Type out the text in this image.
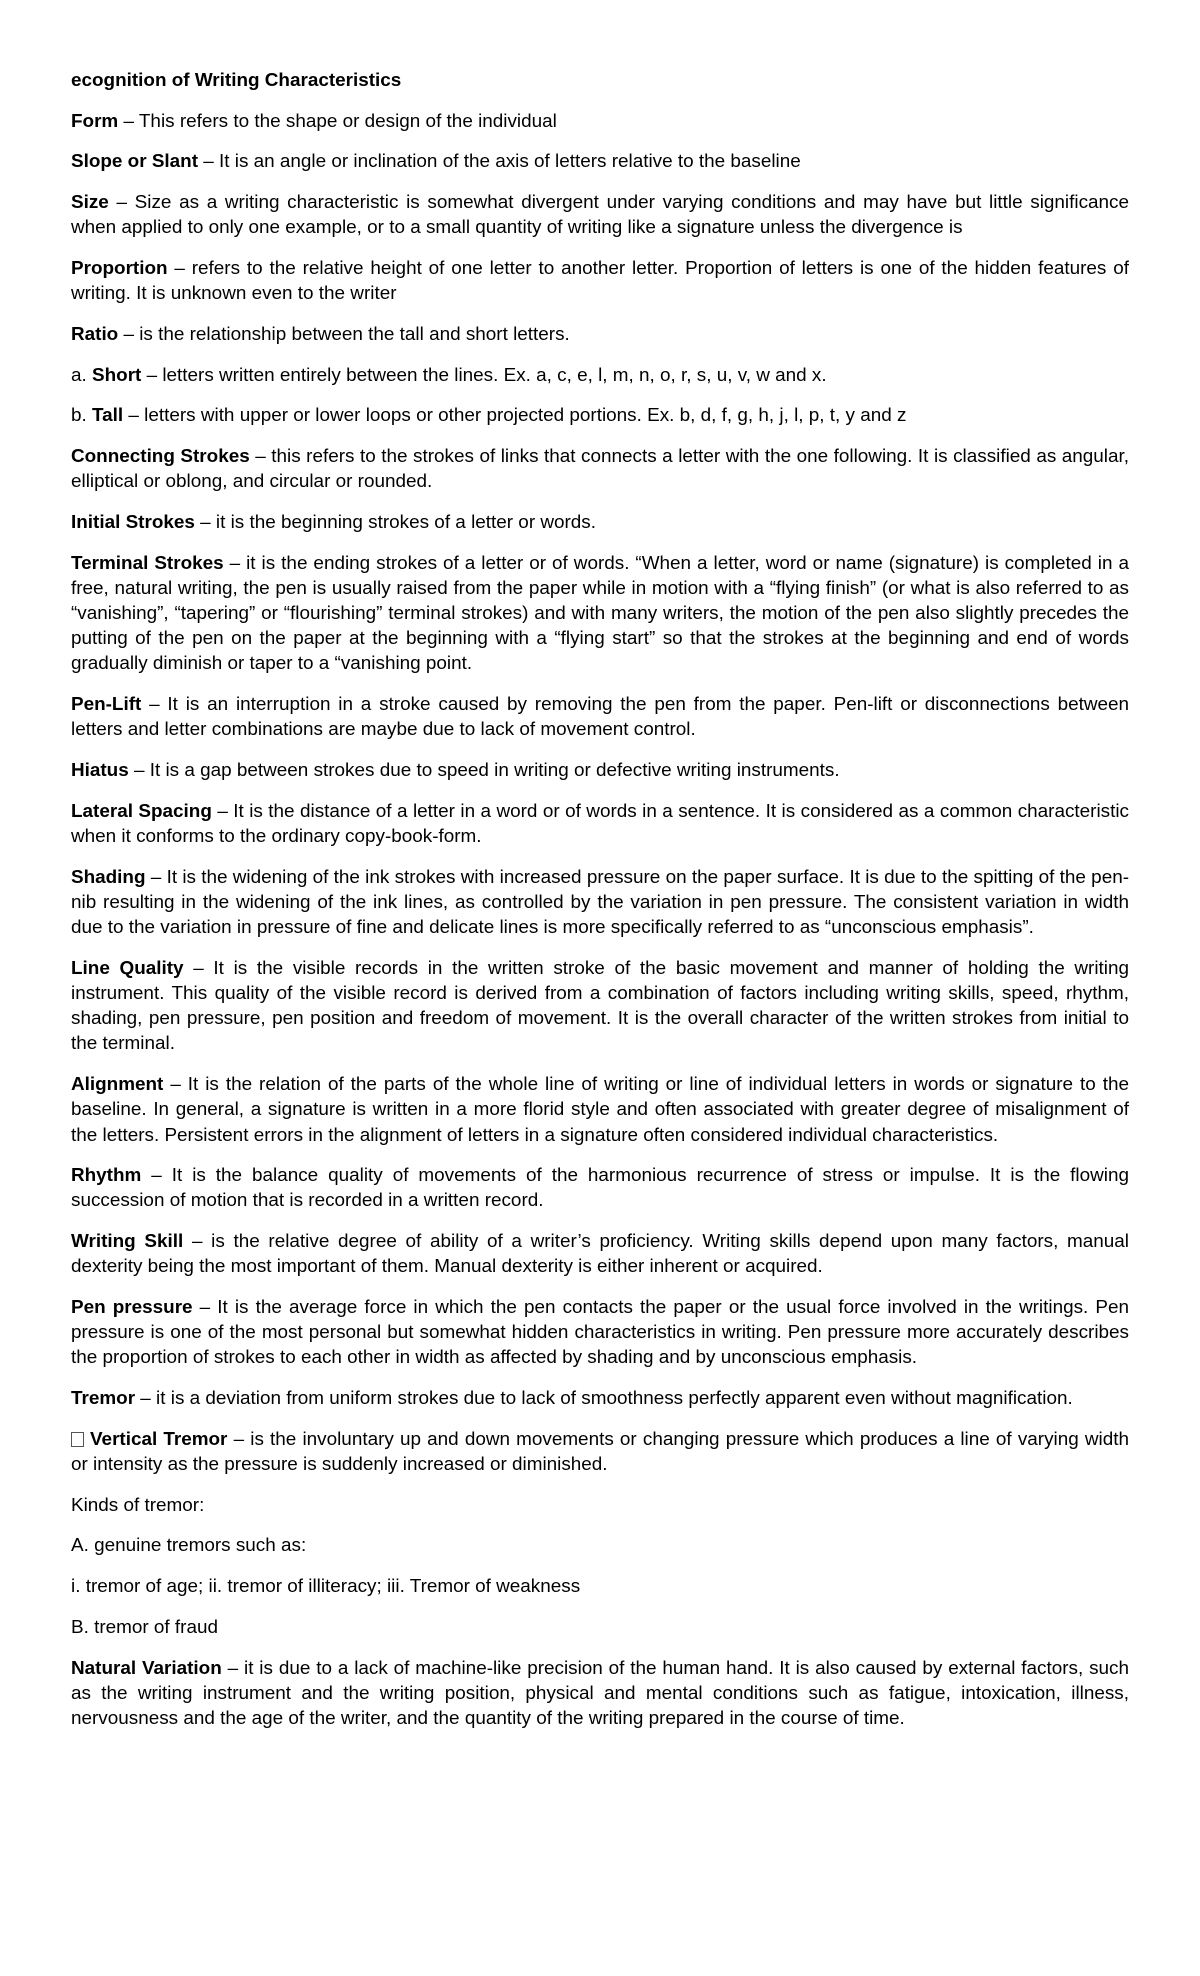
ecognition of Writing Characteristics
Form – This refers to the shape or design of the individual
Slope or Slant – It is an angle or inclination of the axis of letters relative to the baseline
Size – Size as a writing characteristic is somewhat divergent under varying conditions and may have but little significance when applied to only one example, or to a small quantity of writing like a signature unless the divergence is
Proportion – refers to the relative height of one letter to another letter. Proportion of letters is one of the hidden features of writing. It is unknown even to the writer
Ratio – is the relationship between the tall and short letters.
a. Short – letters written entirely between the lines. Ex. a, c, e, l, m, n, o, r, s, u, v, w and x.
b. Tall – letters with upper or lower loops or other projected portions. Ex. b, d, f, g, h, j, l, p, t, y and z
Connecting Strokes – this refers to the strokes of links that connects a letter with the one following. It is classified as angular, elliptical or oblong, and circular or rounded.
Initial Strokes – it is the beginning strokes of a letter or words.
Terminal Strokes – it is the ending strokes of a letter or of words. “When a letter, word or name (signature) is completed in a free, natural writing, the pen is usually raised from the paper while in motion with a “flying finish” (or what is also referred to as “vanishing”, “tapering” or “flourishing” terminal strokes) and with many writers, the motion of the pen also slightly precedes the putting of the pen on the paper at the beginning with a “flying start” so that the strokes at the beginning and end of words gradually diminish or taper to a “vanishing point.
Pen-Lift – It is an interruption in a stroke caused by removing the pen from the paper. Pen-lift or disconnections between letters and letter combinations are maybe due to lack of movement control.
Hiatus – It is a gap between strokes due to speed in writing or defective writing instruments.
Lateral Spacing – It is the distance of a letter in a word or of words in a sentence. It is considered as a common characteristic when it conforms to the ordinary copy-book-form.
Shading – It is the widening of the ink strokes with increased pressure on the paper surface. It is due to the spitting of the pen-nib resulting in the widening of the ink lines, as controlled by the variation in pen pressure. The consistent variation in width due to the variation in pressure of fine and delicate lines is more specifically referred to as “unconscious emphasis”.
Line Quality – It is the visible records in the written stroke of the basic movement and manner of holding the writing instrument. This quality of the visible record is derived from a combination of factors including writing skills, speed, rhythm, shading, pen pressure, pen position and freedom of movement. It is the overall character of the written strokes from initial to the terminal.
Alignment – It is the relation of the parts of the whole line of writing or line of individual letters in words or signature to the baseline. In general, a signature is written in a more florid style and often associated with greater degree of misalignment of the letters. Persistent errors in the alignment of letters in a signature often considered individual characteristics.
Rhythm – It is the balance quality of movements of the harmonious recurrence of stress or impulse. It is the flowing succession of motion that is recorded in a written record.
Writing Skill – is the relative degree of ability of a writer’s proficiency. Writing skills depend upon many factors, manual dexterity being the most important of them. Manual dexterity is either inherent or acquired.
Pen pressure – It is the average force in which the pen contacts the paper or the usual force involved in the writings. Pen pressure is one of the most personal but somewhat hidden characteristics in writing. Pen pressure more accurately describes the proportion of strokes to each other in width as affected by shading and by unconscious emphasis.
Tremor – it is a deviation from uniform strokes due to lack of smoothness perfectly apparent even without magnification.
Vertical Tremor – is the involuntary up and down movements or changing pressure which produces a line of varying width or intensity as the pressure is suddenly increased or diminished.
Kinds of tremor:
A. genuine tremors such as:
i. tremor of age; ii. tremor of illiteracy; iii. Tremor of weakness
B. tremor of fraud
Natural Variation – it is due to a lack of machine-like precision of the human hand. It is also caused by external factors, such as the writing instrument and the writing position, physical and mental conditions such as fatigue, intoxication, illness, nervousness and the age of the writer, and the quantity of the writing prepared in the course of time.
